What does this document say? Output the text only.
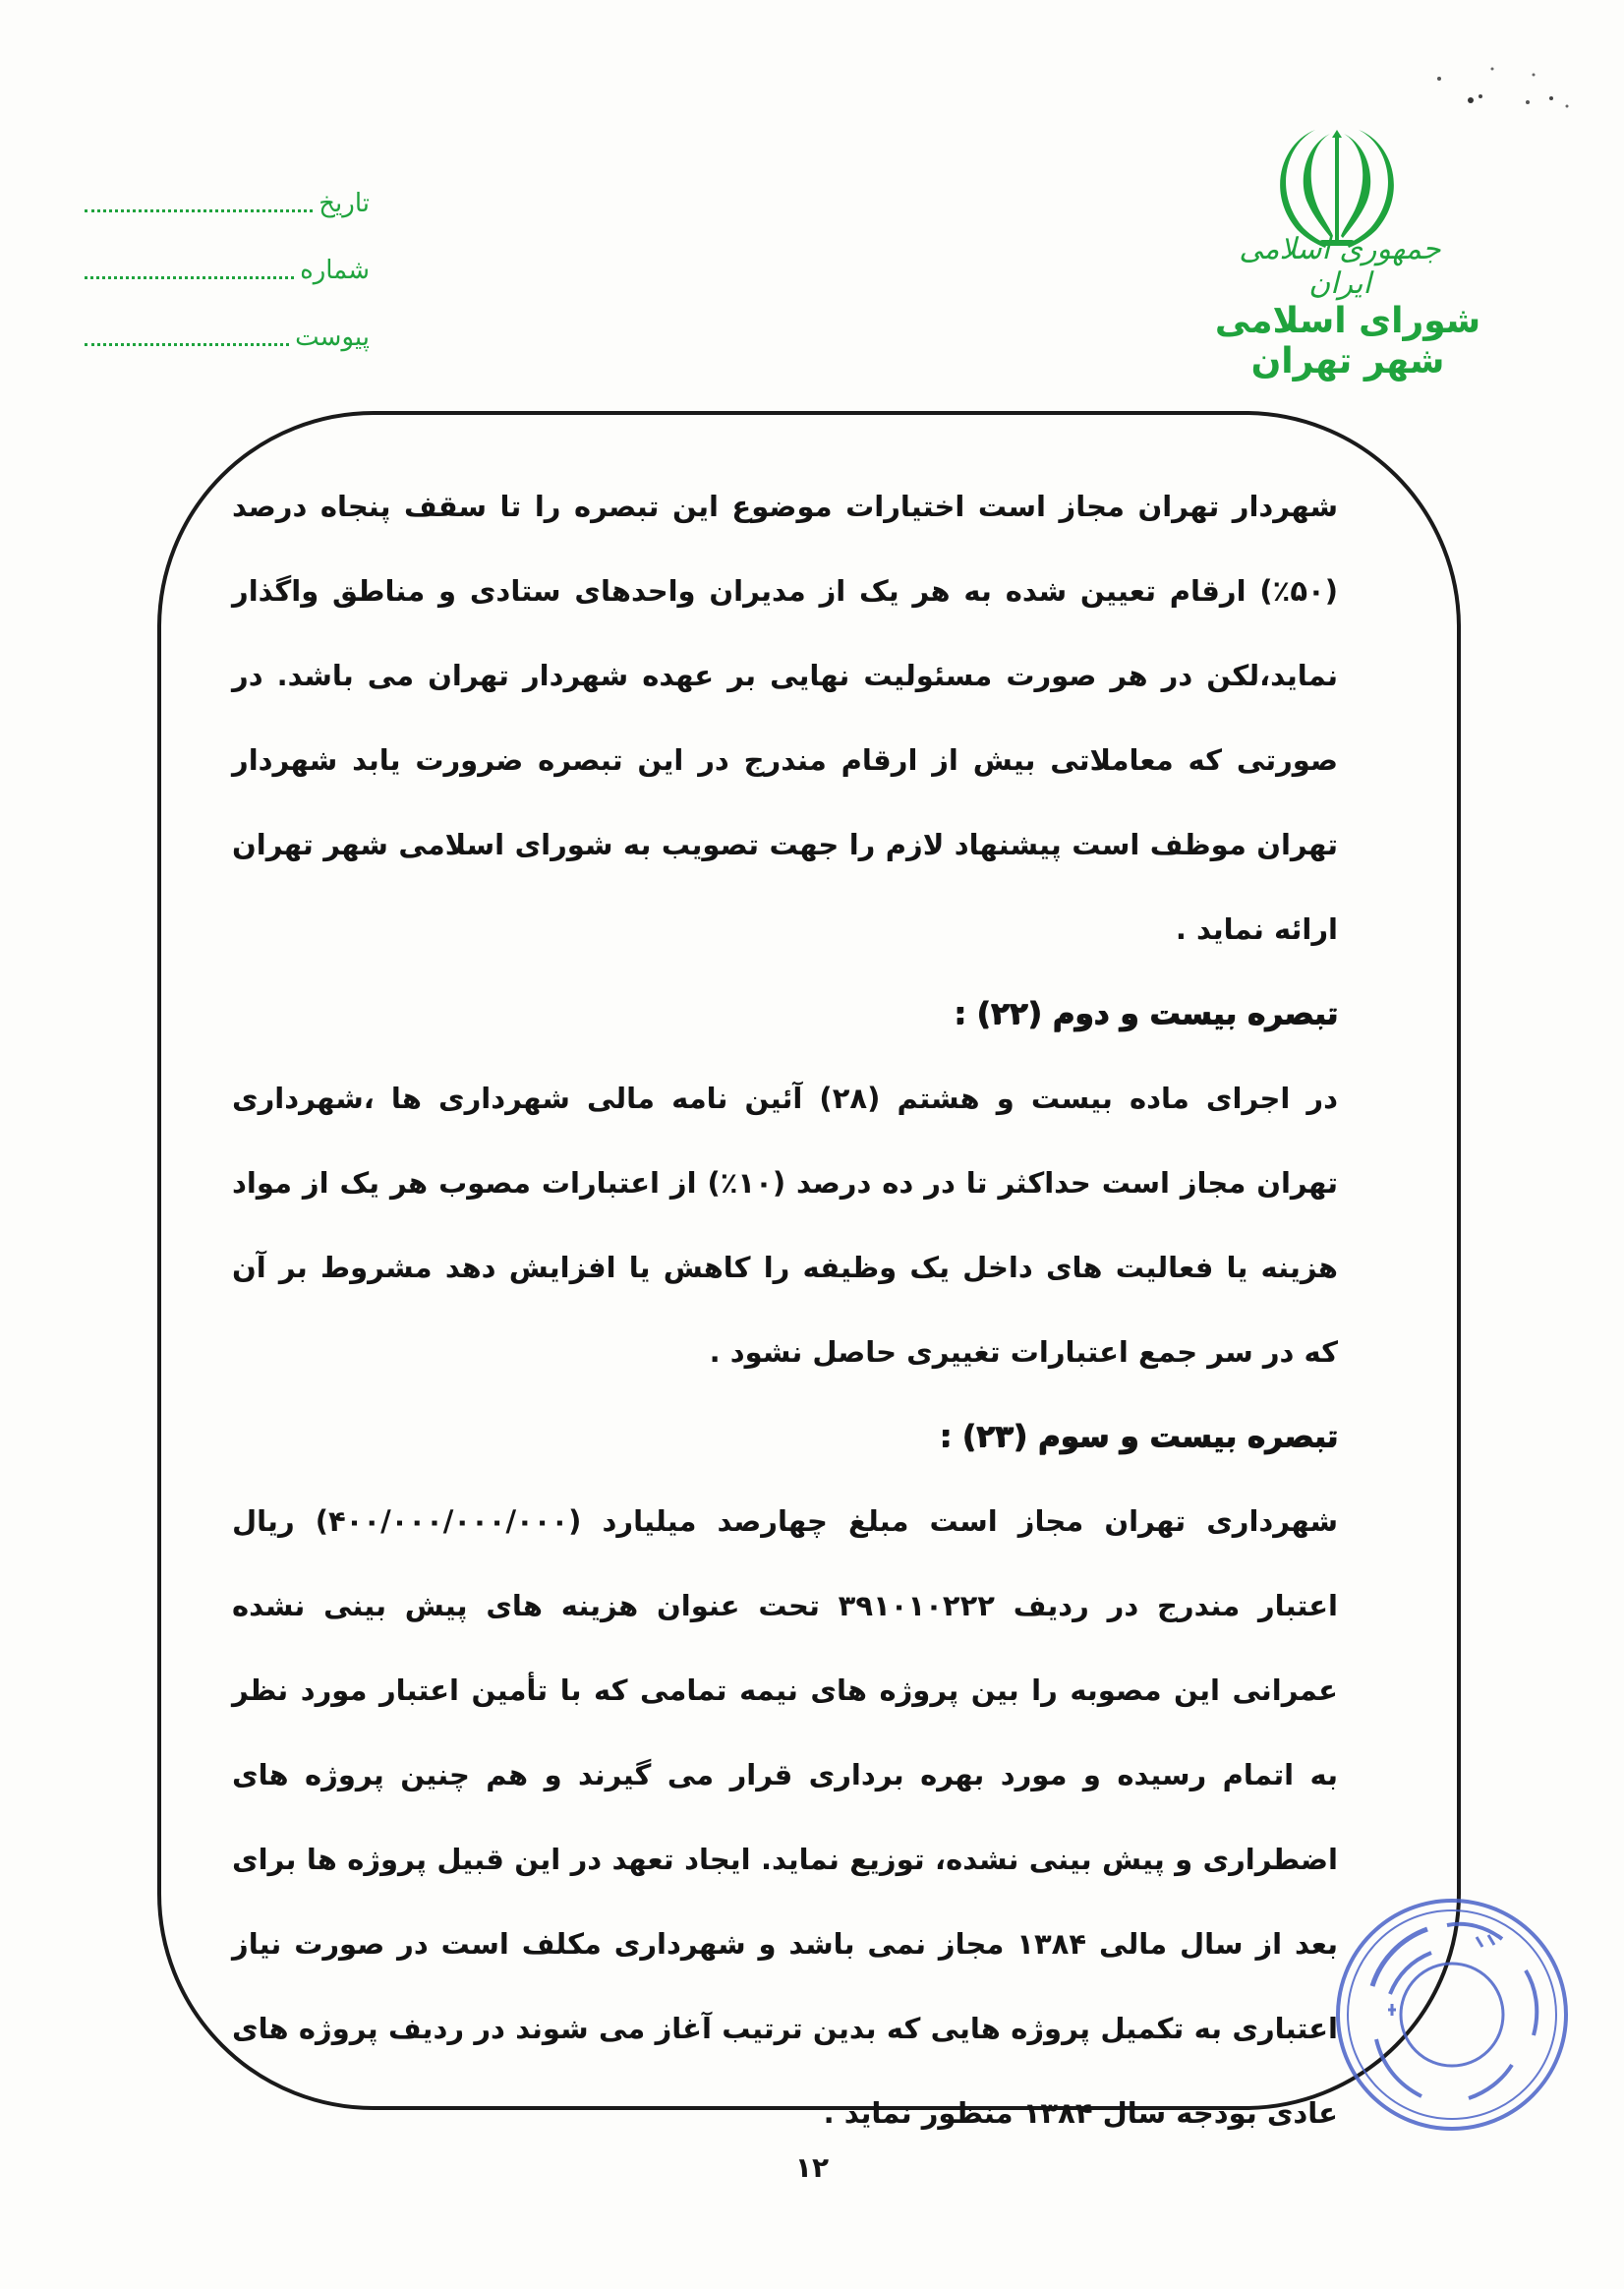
جمهوری اسلامی ایران
شورای اسلامی شهر تهران
تاریخ
شماره
پیوست

شهردار تهران مجاز است اختیارات موضوع این تبصره را تا سقف پنجاه درصد (۵۰٪) ارقام تعیین شده به هر یک از مدیران واحدهای ستادی و مناطق واگذار نماید،لکن در هر صورت مسئولیت نهایی بر عهده شهردار تهران می باشد. در صورتی که معاملاتی بیش از ارقام مندرج در این تبصره ضرورت یابد شهردار تهران موظف است پیشنهاد لازم را جهت تصویب به شورای اسلامی شهر تهران ارائه نماید .

تبصره بیست و دوم (۲۲) :

در اجرای ماده بیست و هشتم (۲۸) آئین نامه مالی شهرداری ها ،شهرداری تهران مجاز است حداکثر تا در ده درصد (۱۰٪) از اعتبارات مصوب هر یک از مواد هزینه یا فعالیت های داخل یک وظیفه را کاهش یا افزایش دهد مشروط بر آن که در سر جمع اعتبارات تغییری حاصل نشود .

تبصره بیست و سوم (۲۳) :

شهرداری تهران مجاز است مبلغ چهارصد میلیارد (۴۰۰/۰۰۰/۰۰۰/۰۰۰) ریال اعتبار مندرج در ردیف ۳۹۱۰۱۰۲۲۲ تحت عنوان هزینه های پیش بینی نشده عمرانی این مصوبه را بین پروژه های نیمه تمامی که با تأمین اعتبار مورد نظر به اتمام رسیده و مورد بهره برداری قرار می گیرند و هم چنین پروژه های اضطراری و پیش بینی نشده، توزیع نماید. ایجاد تعهد در این قبیل پروژه ها برای بعد از سال مالی ۱۳۸۴ مجاز نمی باشد و شهرداری مکلف است در صورت نیاز اعتباری به تکمیل پروژه هایی که بدین ترتیب آغاز می شوند در ردیف پروژه های عادی بودجه سال ۱۳۸۴ منظور نماید .

۱۲
